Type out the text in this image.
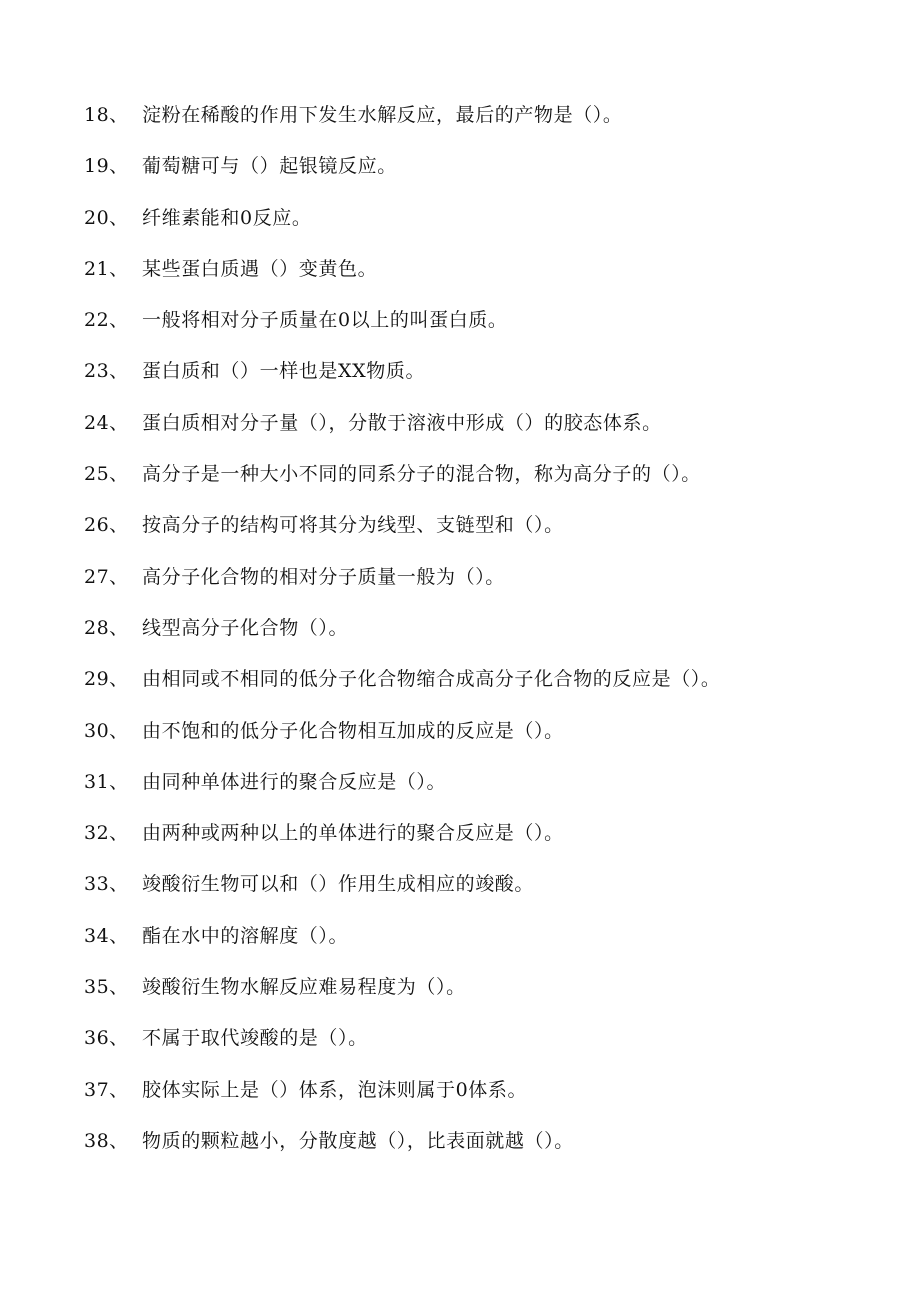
18、 淀粉在稀酸的作用下发生水解反应，最后的产物是（）。
19、 葡萄糖可与（）起银镜反应。
20、 纤维素能和0反应。
21、 某些蛋白质遇（）变黄色。
22、 一般将相对分子质量在0以上的叫蛋白质。
23、 蛋白质和（）一样也是XX物质。
24、 蛋白质相对分子量（），分散于溶液中形成（）的胶态体系。
25、 高分子是一种大小不同的同系分子的混合物，称为高分子的（）。
26、 按高分子的结构可将其分为线型、支链型和（）。
27、 高分子化合物的相对分子质量一般为（）。
28、 线型高分子化合物（）。
29、 由相同或不相同的低分子化合物缩合成高分子化合物的反应是（）。
30、 由不饱和的低分子化合物相互加成的反应是（）。
31、 由同种单体进行的聚合反应是（）。
32、 由两种或两种以上的单体进行的聚合反应是（）。
33、 竣酸衍生物可以和（）作用生成相应的竣酸。
34、 酯在水中的溶解度（）。
35、 竣酸衍生物水解反应难易程度为（）。
36、 不属于取代竣酸的是（）。
37、 胶体实际上是（）体系，泡沫则属于0体系。
38、 物质的颗粒越小，分散度越（），比表面就越（）。
